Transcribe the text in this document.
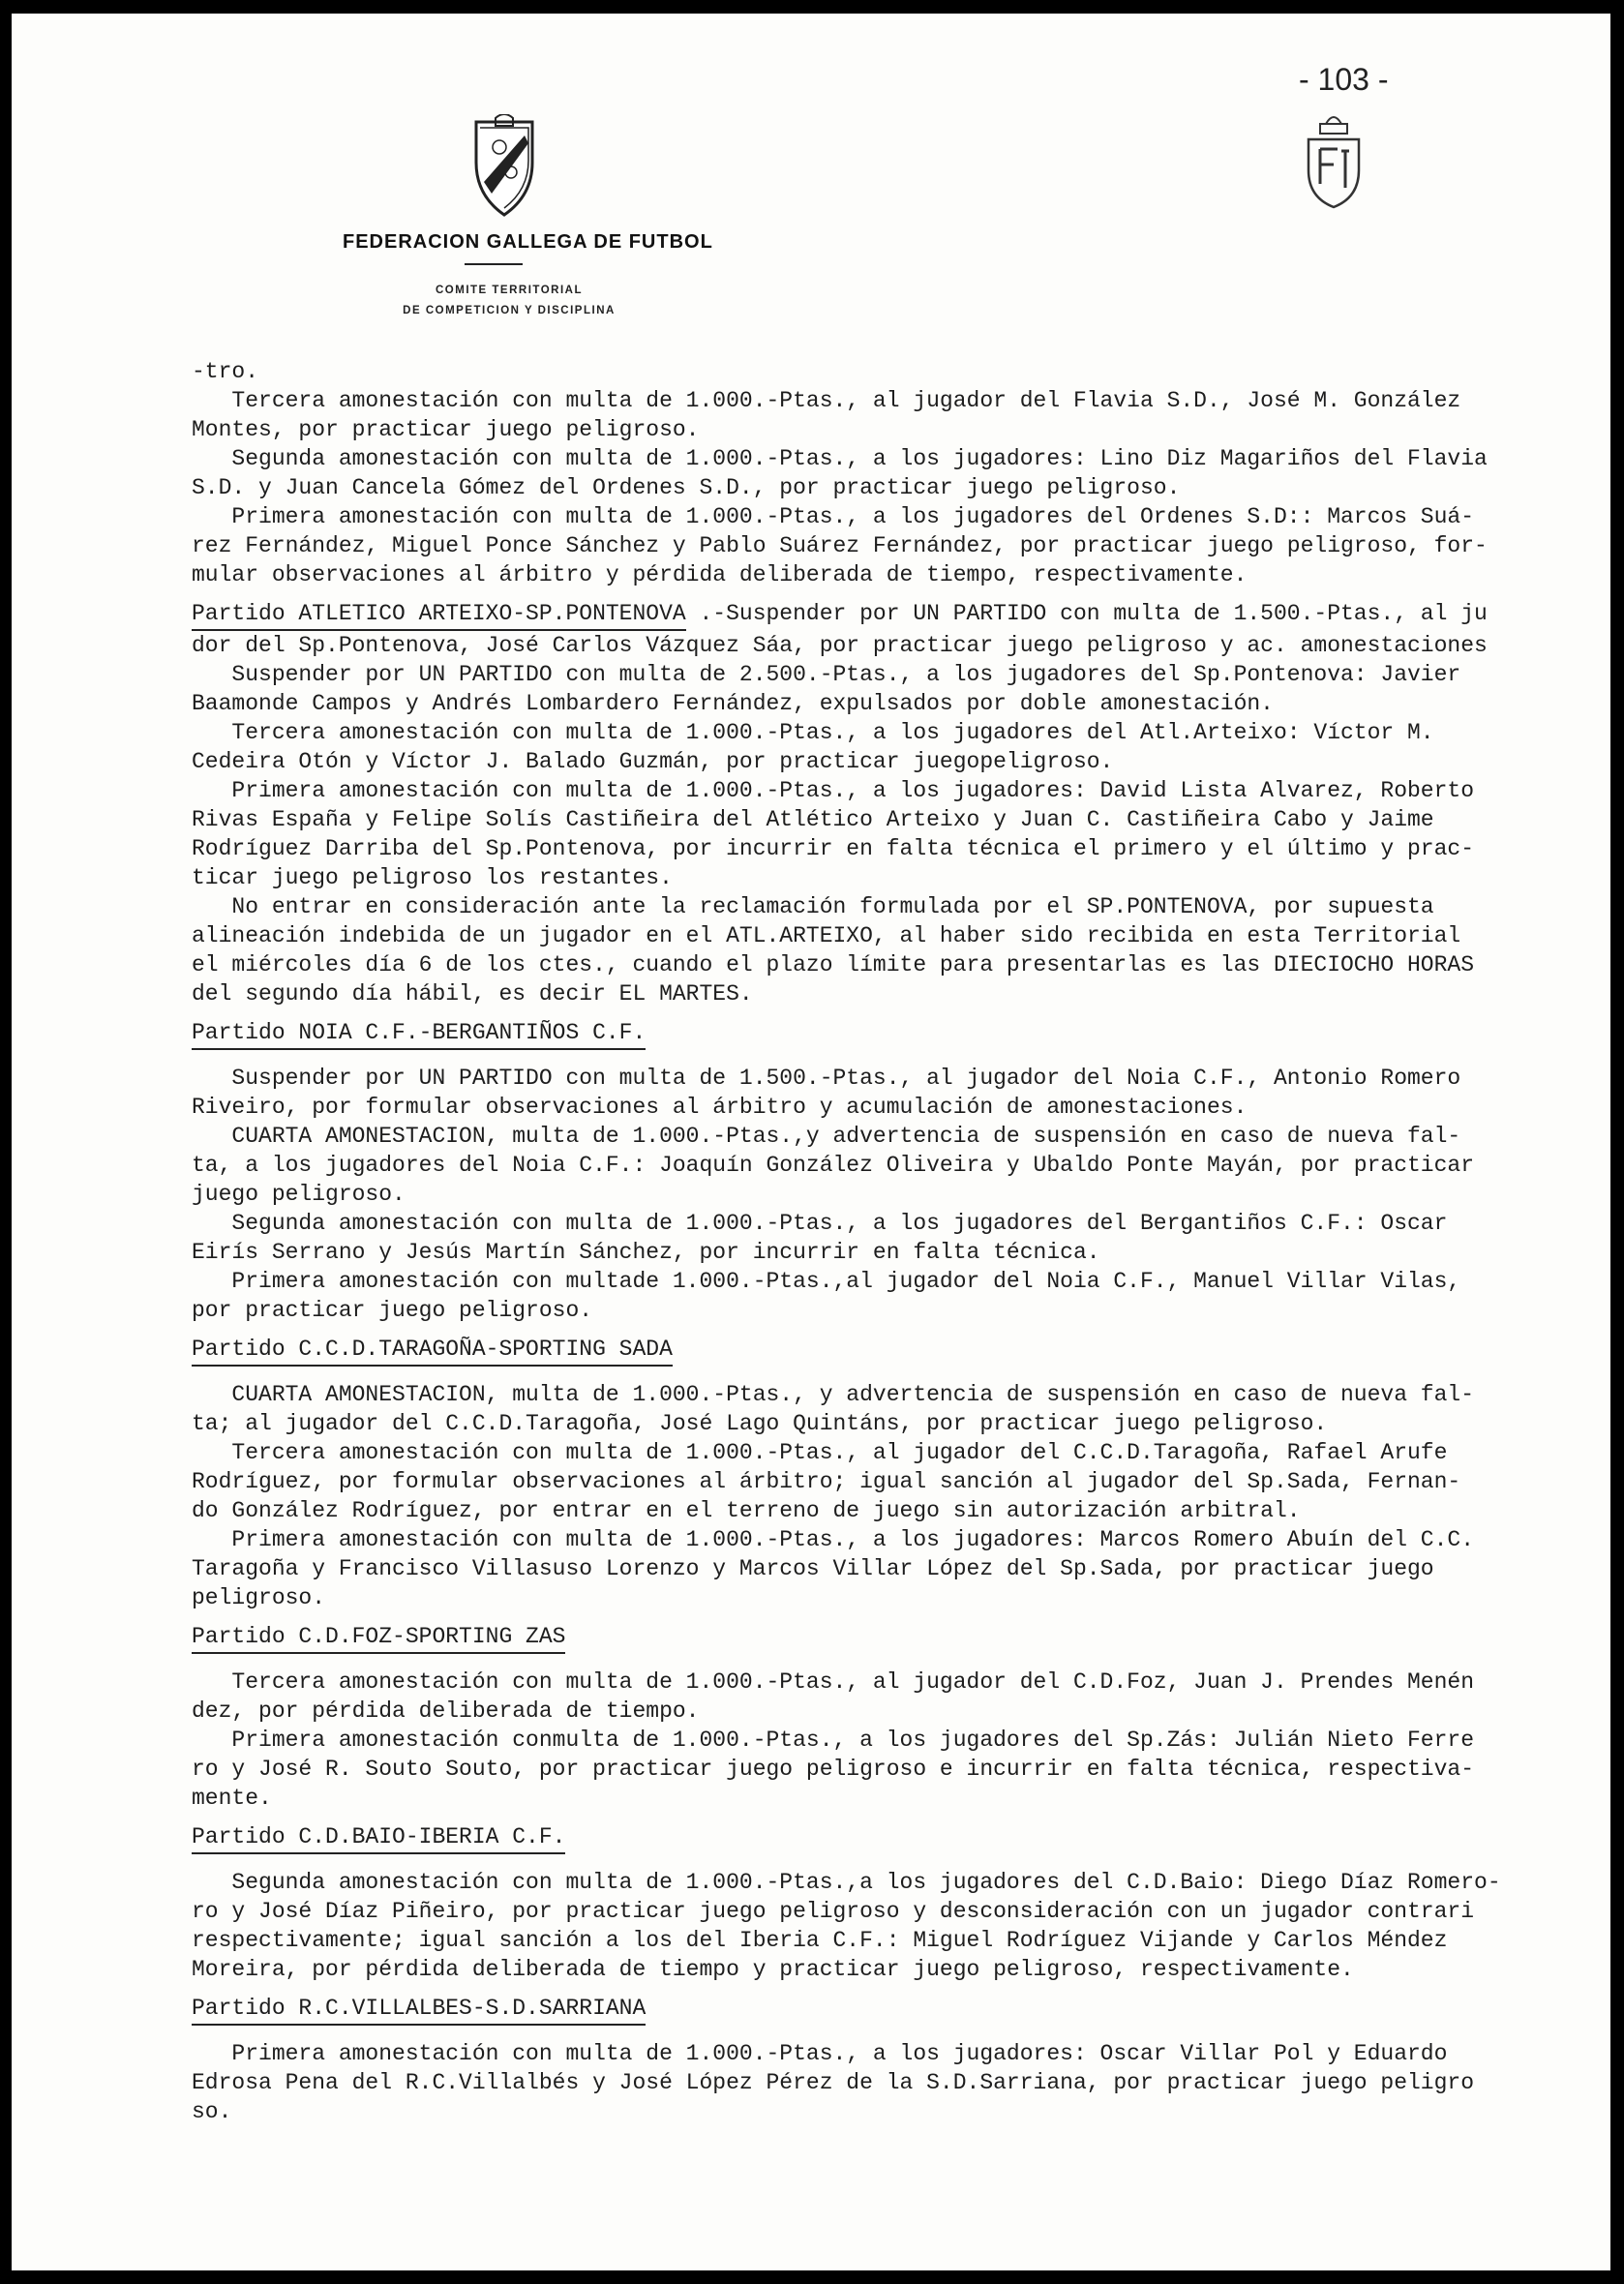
- 103 -
FEDERACION GALLEGA DE FUTBOL
COMITE TERRITORIAL
DE COMPETICION Y DISCIPLINA
-tro.
Tercera amonestación con multa de 1.000.-Ptas., al jugador del Flavia S.D., José M. González
Montes, por practicar juego peligroso.
Segunda amonestación con multa de 1.000.-Ptas., a los jugadores: Lino Diz Magariños del Flavia
S.D. y Juan Cancela Gómez del Ordenes S.D., por practicar juego peligroso.
Primera amonestación con multa de 1.000.-Ptas., a los jugadores del Ordenes S.D:: Marcos Suá-
rez Fernández, Miguel Ponce Sánchez y Pablo Suárez Fernández, por practicar juego peligroso, for-
mular observaciones al árbitro y pérdida deliberada de tiempo, respectivamente.
Partido ATLETICO ARTEIXO-SP.PONTENOVA .-Suspender por UN PARTIDO con multa de 1.500.-Ptas., al ju
dor del Sp.Pontenova, José Carlos Vázquez Sáa, por practicar juego peligroso y ac. amonestaciones
Suspender por UN PARTIDO con multa de 2.500.-Ptas., a los jugadores del Sp.Pontenova: Javier
Baamonde Campos y Andrés Lombardero Fernández, expulsados por doble amonestación.
Tercera amonestación con multa de 1.000.-Ptas., a los jugadores del Atl.Arteixo: Víctor M.
Cedeira Otón y Víctor J. Balado Guzmán, por practicar juegopeligroso.
Primera amonestación con multa de 1.000.-Ptas., a los jugadores: David Lista Alvarez, Roberto
Rivas España y Felipe Solís Castiñeira del Atlético Arteixo y Juan C. Castiñeira Cabo y Jaime
Rodríguez Darriba del Sp.Pontenova, por incurrir en falta técnica el primero y el último y prac-
ticar juego peligroso los restantes.
No entrar en consideración ante la reclamación formulada por el SP.PONTENOVA, por supuesta
alineación indebida de un jugador en el ATL.ARTEIXO, al haber sido recibida en esta Territorial
el miércoles día 6 de los ctes., cuando el plazo límite para presentarlas es las DIECIOCHO HORAS
del segundo día hábil, es decir EL MARTES.
Partido NOIA C.F.-BERGANTIÑOS C.F.
Suspender por UN PARTIDO con multa de 1.500.-Ptas., al jugador del Noia C.F., Antonio Romero
Riveiro, por formular observaciones al árbitro y acumulación de amonestaciones.
CUARTA AMONESTACION, multa de 1.000.-Ptas.,y advertencia de suspensión en caso de nueva fal-
ta, a los jugadores del Noia C.F.: Joaquín González Oliveira y Ubaldo Ponte Mayán, por practicar
juego peligroso.
Segunda amonestación con multa de 1.000.-Ptas., a los jugadores del Bergantiños C.F.: Oscar
Eirís Serrano y Jesús Martín Sánchez, por incurrir en falta técnica.
Primera amonestación con multade 1.000.-Ptas.,al jugador del Noia C.F., Manuel Villar Vilas,
por practicar juego peligroso.
Partido C.C.D.TARAGOÑA-SPORTING SADA
CUARTA AMONESTACION, multa de 1.000.-Ptas., y advertencia de suspensión en caso de nueva fal-
ta; al jugador del C.C.D.Taragoña, José Lago Quintáns, por practicar juego peligroso.
Tercera amonestación con multa de 1.000.-Ptas., al jugador del C.C.D.Taragoña, Rafael Arufe
Rodríguez, por formular observaciones al árbitro; igual sanción al jugador del Sp.Sada, Fernan-
do González Rodríguez, por entrar en el terreno de juego sin autorización arbitral.
Primera amonestación con multa de 1.000.-Ptas., a los jugadores: Marcos Romero Abuín del C.C.
Taragoña y Francisco Villasuso Lorenzo y Marcos Villar López del Sp.Sada, por practicar juego
peligroso.
Partido C.D.FOZ-SPORTING ZAS
Tercera amonestación con multa de 1.000.-Ptas., al jugador del C.D.Foz, Juan J. Prendes Menén
dez, por pérdida deliberada de tiempo.
Primera amonestación conmulta de 1.000.-Ptas., a los jugadores del Sp.Zás: Julián Nieto Ferre
ro y José R. Souto Souto, por practicar juego peligroso e incurrir en falta técnica, respectiva-
mente.
Partido C.D.BAIO-IBERIA C.F.
Segunda amonestación con multa de 1.000.-Ptas.,a los jugadores del C.D.Baio: Diego Díaz Romero-
ro y José Díaz Piñeiro, por practicar juego peligroso y desconsideración con un jugador contrari
respectivamente; igual sanción a los del Iberia C.F.: Miguel Rodríguez Vijande y Carlos Méndez
Moreira, por pérdida deliberada de tiempo y practicar juego peligroso, respectivamente.
Partido R.C.VILLALBES-S.D.SARRIANA
Primera amonestación con multa de 1.000.-Ptas., a los jugadores: Oscar Villar Pol y Eduardo
Edrosa Pena del R.C.Villalbés y José López Pérez de la S.D.Sarriana, por practicar juego peligro
so.
